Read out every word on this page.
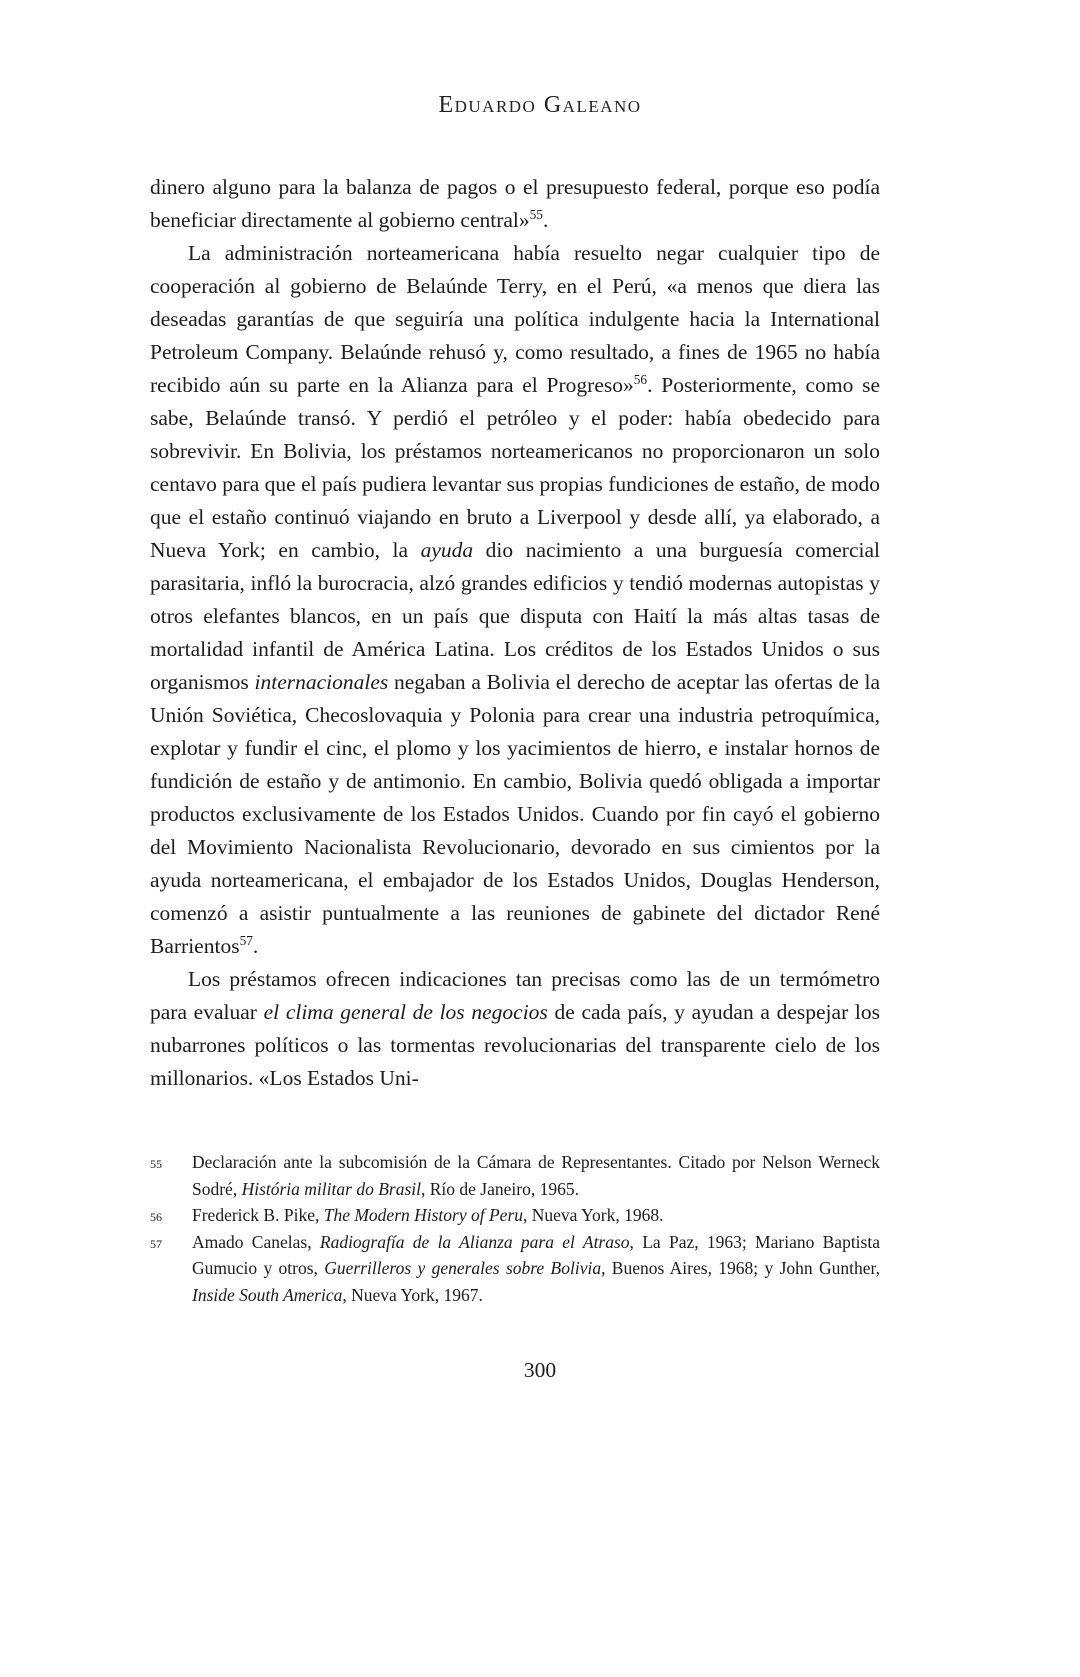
Eduardo Galeano

dinero alguno para la balanza de pagos o el presupuesto federal, porque eso podía beneficiar directamente al gobierno central»$^{55}$.

La administración norteamericana había resuelto negar cualquier tipo de cooperación al gobierno de Belaúnde Terry, en el Perú, «a menos que diera las deseadas garantías de que seguiría una política indulgente hacia la International Petroleum Company. Belaúnde rehusó y, como resultado, a fines de 1965 no había recibido aún su parte en la Alianza para el Progreso»$^{56}$. Posteriormente, como se sabe, Belaúnde transó. Y perdió el petróleo y el poder: había obedecido para sobrevivir. En Bolivia, los préstamos norteamericanos no proporcionaron un solo centavo para que el país pudiera levantar sus propias fundiciones de estaño, de modo que el estaño continuó viajando en bruto a Liverpool y desde allí, ya elaborado, a Nueva York; en cambio, la ayuda dio nacimiento a una burguesía comercial parasitaria, infló la burocracia, alzó grandes edificios y tendió modernas autopistas y otros elefantes blancos, en un país que disputa con Haití la más altas tasas de mortalidad infantil de América Latina. Los créditos de los Estados Unidos o sus organismos internacionales negaban a Bolivia el derecho de aceptar las ofertas de la Unión Soviética, Checoslovaquia y Polonia para crear una industria petroquímica, explotar y fundir el cinc, el plomo y los yacimientos de hierro, e instalar hornos de fundición de estaño y de antimonio. En cambio, Bolivia quedó obligada a importar productos exclusivamente de los Estados Unidos. Cuando por fin cayó el gobierno del Movimiento Nacionalista Revolucionario, devorado en sus cimientos por la ayuda norteamericana, el embajador de los Estados Unidos, Douglas Henderson, comenzó a asistir puntualmente a las reuniones de gabinete del dictador René Barrientos$^{57}$.

Los préstamos ofrecen indicaciones tan precisas como las de un termómetro para evaluar el clima general de los negocios de cada país, y ayudan a despejar los nubarrones políticos o las tormentas revolucionarias del transparente cielo de los millonarios. «Los Estados Uni-

55 Declaración ante la subcomisión de la Cámara de Representantes. Citado por Nelson Werneck Sodré, História militar do Brasil, Río de Janeiro, 1965.

56 Frederick B. Pike, The Modern History of Peru, Nueva York, 1968.

57 Amado Canelas, Radiografía de la Alianza para el Atraso, La Paz, 1963; Mariano Baptista Gumucio y otros, Guerrilleros y generales sobre Bolivia, Buenos Aires, 1968; y John Gunther, Inside South America, Nueva York, 1967.

300
